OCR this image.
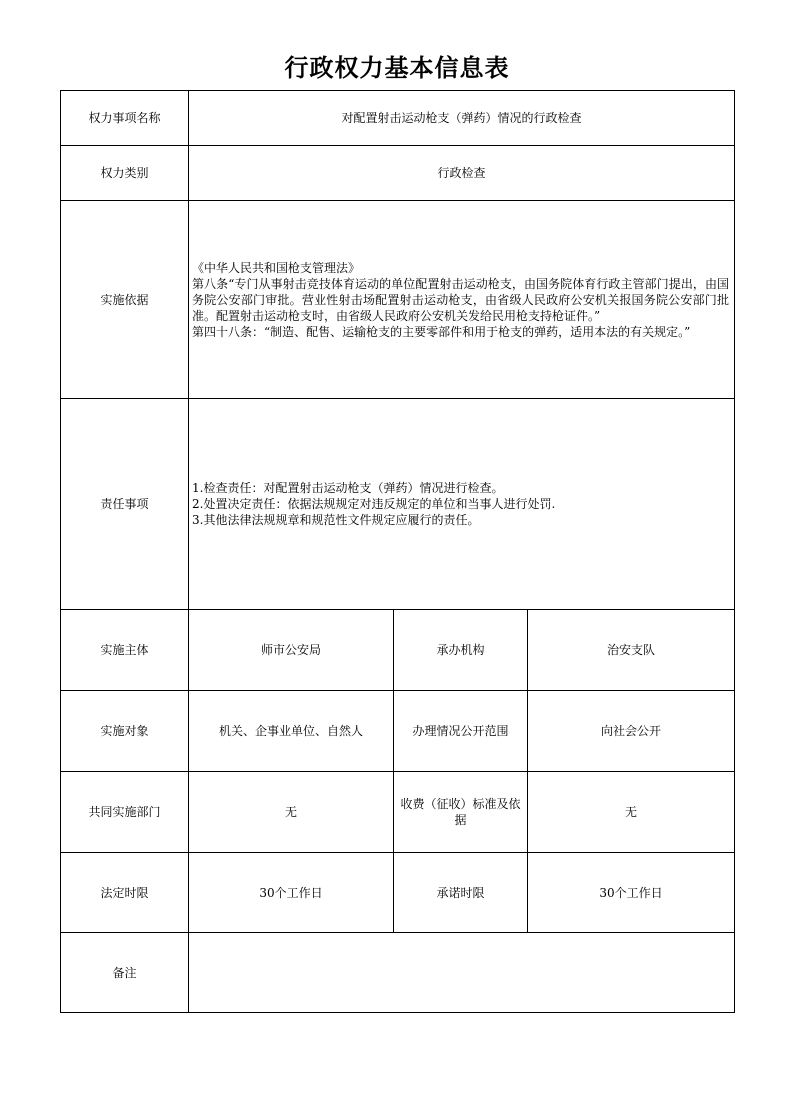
行政权力基本信息表
权力事项名称	对配置射击运动枪支（弹药）情况的行政检查		
权力类别	行政检查		
实施依据	《中华人民共和国枪支管理法》
第八条“专门从事射击竞技体育运动的单位配置射击运动枪支，由国务院体育行政主管部门提出，由国务院公安部门审批。营业性射击场配置射击运动枪支，由省级人民政府公安机关报国务院公安部门批准。配置射击运动枪支时，由省级人民政府公安机关发给民用枪支持枪证件。”
第四十八条：“制造、配售、运输枪支的主要零部件和用于枪支的弹药，适用本法的有关规定。”		

责任事项	1.检查责任：对配置射击运动枪支（弹药）情况进行检查。
2.处置决定责任：依据法规规定对违反规定的单位和当事人进行处罚.
3.其他法律法规规章和规范性文件规定应履行的责任。		

实施主体	师市公安局	承办机构	治安支队
实施对象	机关、企事业单位、自然人	办理情况公开范围	向社会公开
共同实施部门	无	收费（征收）标准及依据	无
法定时限	30个工作日	承诺时限	30个工作日
备注			
